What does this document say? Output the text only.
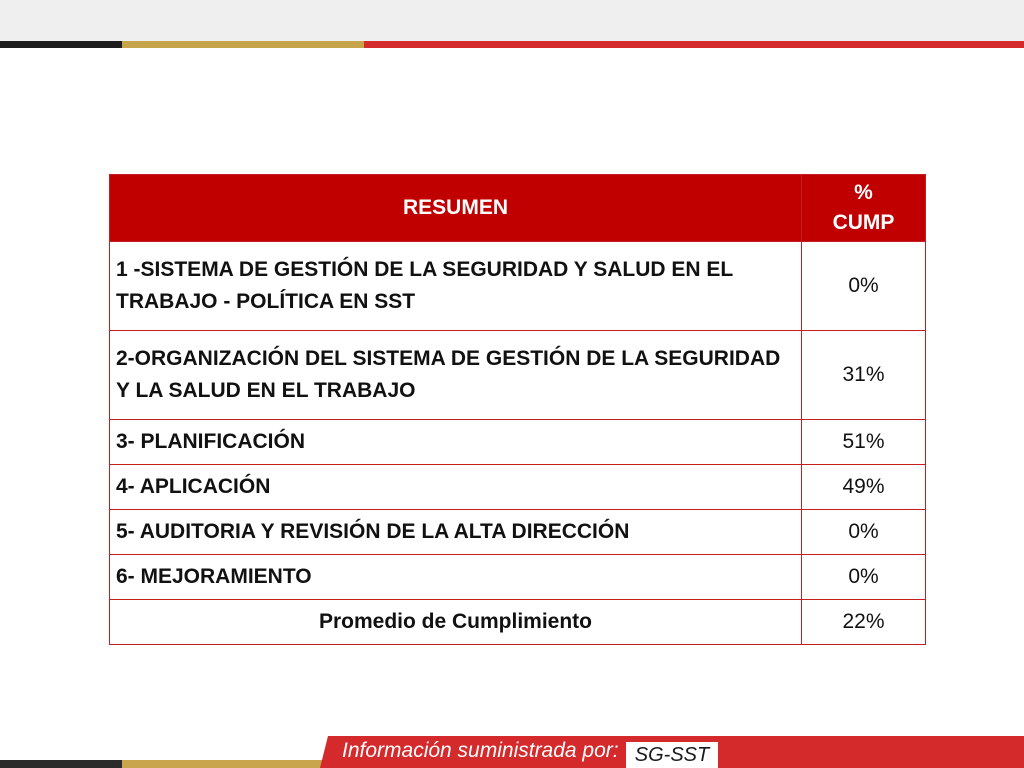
RESUMEN	%
CUMP
1 -SISTEMA DE GESTIÓN DE LA SEGURIDAD Y SALUD EN EL TRABAJO - POLÍTICA EN SST	0%
2-ORGANIZACIÓN DEL SISTEMA DE GESTIÓN DE LA SEGURIDAD Y LA SALUD EN EL TRABAJO	31%
3- PLANIFICACIÓN	51%
4- APLICACIÓN	49%
5- AUDITORIA Y REVISIÓN DE LA ALTA DIRECCIÓN	0%
6- MEJORAMIENTO	0%
Promedio de Cumplimiento	22%
Información suministrada por: SG-SST
